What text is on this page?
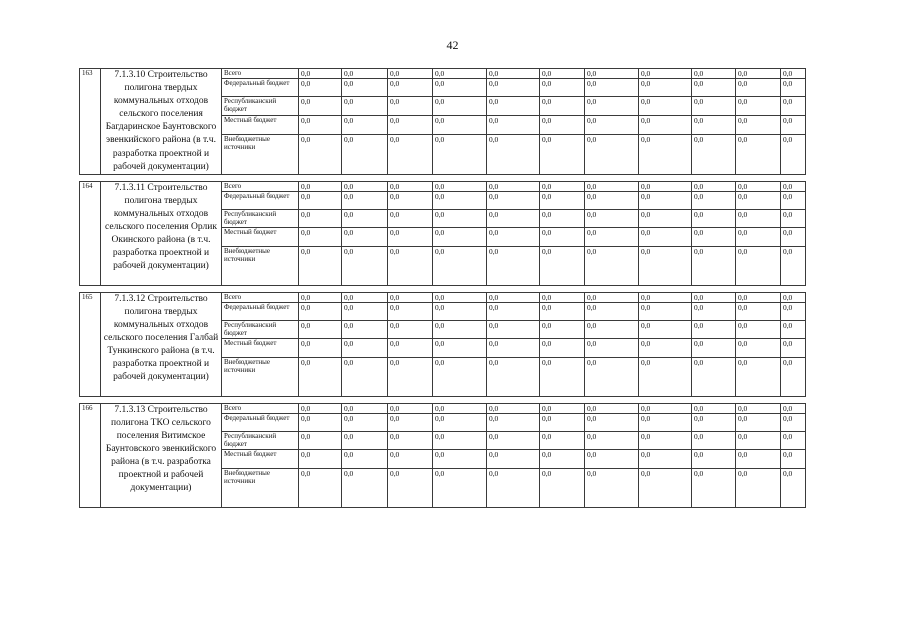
42
163	7.1.3.10 Строительство полигона твердых коммунальных отходов сельского поселения Багдаринское Баунтовского эвенкийского района (в т.ч. разработка проектной и рабочей документации)	Всего	0,0	0,0	0,0	0,0	0,0	0,0	0,0	0,0	0,0	0,0	0,0	
		Федеральный бюджет	0,0	0,0	0,0	0,0	0,0	0,0	0,0	0,0	0,0	0,0	0,0	
		Республиканский бюджет	0,0	0,0	0,0	0,0	0,0	0,0	0,0	0,0	0,0	0,0	0,0	
		Местный бюджет	0,0	0,0	0,0	0,0	0,0	0,0	0,0	0,0	0,0	0,0	0,0	
		Внебюджетные источники	0,0	0,0	0,0	0,0	0,0	0,0	0,0	0,0	0,0	0,0	0,0	

164	7.1.3.11 Строительство полигона твердых коммунальных отходов сельского поселения Орлик Окинского района (в т.ч. разработка проектной и рабочей документации)	Всего	0,0	0,0	0,0	0,0	0,0	0,0	0,0	0,0	0,0	0,0	0,0	
		Федеральный бюджет	0,0	0,0	0,0	0,0	0,0	0,0	0,0	0,0	0,0	0,0	0,0	
		Республиканский бюджет	0,0	0,0	0,0	0,0	0,0	0,0	0,0	0,0	0,0	0,0	0,0	
		Местный бюджет	0,0	0,0	0,0	0,0	0,0	0,0	0,0	0,0	0,0	0,0	0,0	
		Внебюджетные источники	0,0	0,0	0,0	0,0	0,0	0,0	0,0	0,0	0,0	0,0	0,0	

165	7.1.3.12 Строительство полигона твердых коммунальных отходов сельского поселения Галбай Тункинского района (в т.ч. разработка проектной и рабочей документации)	Всего	0,0	0,0	0,0	0,0	0,0	0,0	0,0	0,0	0,0	0,0	0,0	
		Федеральный бюджет	0,0	0,0	0,0	0,0	0,0	0,0	0,0	0,0	0,0	0,0	0,0	
		Республиканский бюджет	0,0	0,0	0,0	0,0	0,0	0,0	0,0	0,0	0,0	0,0	0,0	
		Местный бюджет	0,0	0,0	0,0	0,0	0,0	0,0	0,0	0,0	0,0	0,0	0,0	
		Внебюджетные источники	0,0	0,0	0,0	0,0	0,0	0,0	0,0	0,0	0,0	0,0	0,0	

166	7.1.3.13 Строительство полигона ТКО сельского поселения Витимское Баунтовского эвенкийского района (в т.ч. разработка проектной и рабочей документации)	Всего	0,0	0,0	0,0	0,0	0,0	0,0	0,0	0,0	0,0	0,0	0,0	
		Федеральный бюджет	0,0	0,0	0,0	0,0	0,0	0,0	0,0	0,0	0,0	0,0	0,0	
		Республиканский бюджет	0,0	0,0	0,0	0,0	0,0	0,0	0,0	0,0	0,0	0,0	0,0	
		Местный бюджет	0,0	0,0	0,0	0,0	0,0	0,0	0,0	0,0	0,0	0,0	0,0	
		Внебюджетные источники	0,0	0,0	0,0	0,0	0,0	0,0	0,0	0,0	0,0	0,0	0,0	
